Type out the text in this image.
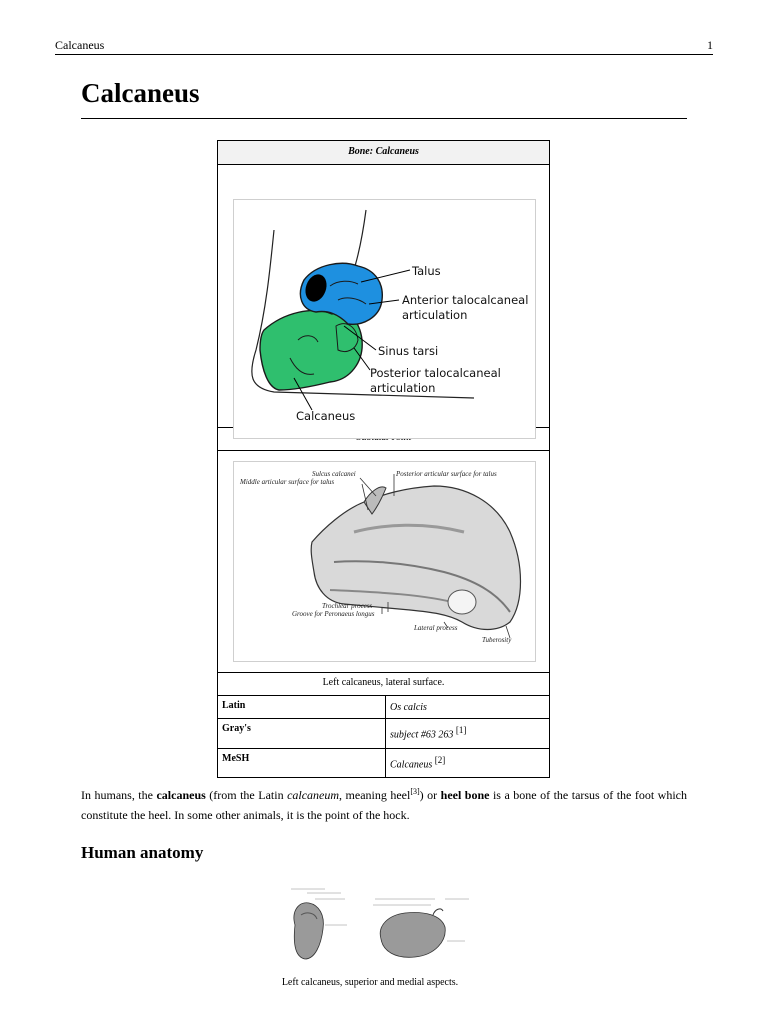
Calcaneus	1
Calcaneus
Bone: Calcaneus
Talus
Anterior talocalcaneal
articulation
Sinus tarsi
Posterior talocalcaneal
articulation
Calcaneus
Sulcus calcanei
Middle articular surface for talus
Posterior articular surface for talus
Trochlear process
Groove for Peronaeus longus
Lateral process
Tuberosity
Left calcaneus, lateral surface.
Latin	Os calcis
Gray's
subject #63 263 [1]
MeSH
Calcaneus [2]

In humans, the calcaneus (from the Latin calcaneum, meaning heel[3]) or heel bone is a bone of the tarsus of the foot which constitute the heel. In some other animals, it is the point of the hock.

Human anatomy
Left calcaneus, superior and medial aspects.
